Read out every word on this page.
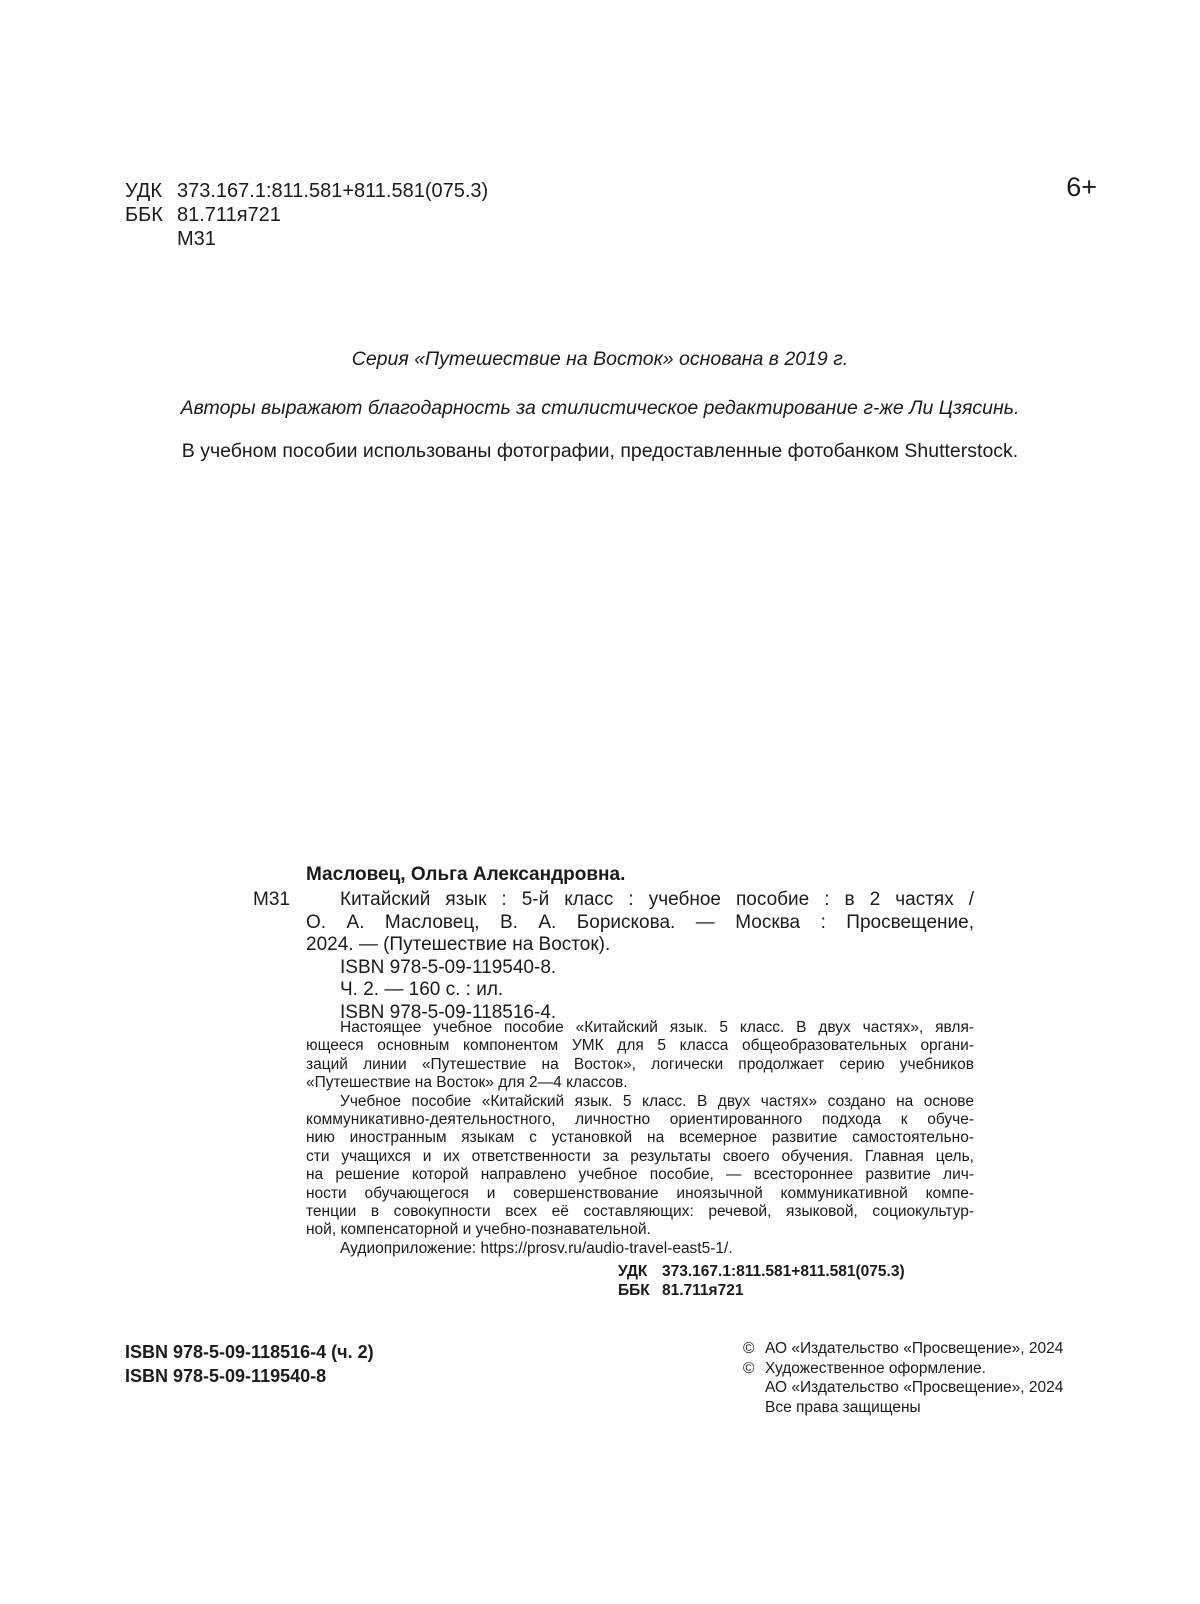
УДК 373.167.1:811.581+811.581(075.3)
ББК 81.711я721
М31
6+
Серия «Путешествие на Восток» основана в 2019 г.
Авторы выражают благодарность за стилистическое редактирование г-же Ли Цзясинь.
В учебном пособии использованы фотографии, предоставленные фотобанком Shutterstock.
Масловец, Ольга Александровна.
М31	Китайский язык : 5-й класс : учебное пособие : в 2 частях /
О. А. Масловец, В. А. Борискова. — Москва : Просвещение,
2024. — (Путешествие на Восток).
ISBN 978-5-09-119540-8.
Ч. 2. — 160 с. : ил.
ISBN 978-5-09-118516-4.
Настоящее учебное пособие «Китайский язык. 5 класс. В двух частях», явля-
ющееся основным компонентом УМК для 5 класса общеобразовательных органи-
заций линии «Путешествие на Восток», логически продолжает серию учебников
«Путешествие на Восток» для 2—4 классов.
Учебное пособие «Китайский язык. 5 класс. В двух частях» создано на основе
коммуникативно-деятельностного, личностно ориентированного подхода к обуче-
нию иностранным языкам с установкой на всемерное развитие самостоятельно-
сти учащихся и их ответственности за результаты своего обучения. Главная цель,
на решение которой направлено учебное пособие, — всестороннее развитие лич-
ности обучающегося и совершенствование иноязычной коммуникативной компе-
тенции в совокупности всех её составляющих: речевой, языковой, социокультур-
ной, компенсаторной и учебно-познавательной.
Аудиоприложение: https://prosv.ru/audio-travel-east5-1/.
УДК 373.167.1:811.581+811.581(075.3)
ББК 81.711я721
ISBN 978-5-09-118516-4 (ч. 2)
ISBN 978-5-09-119540-8
© АО «Издательство «Просвещение», 2024
© Художественное оформление.
АО «Издательство «Просвещение», 2024
Все права защищены
